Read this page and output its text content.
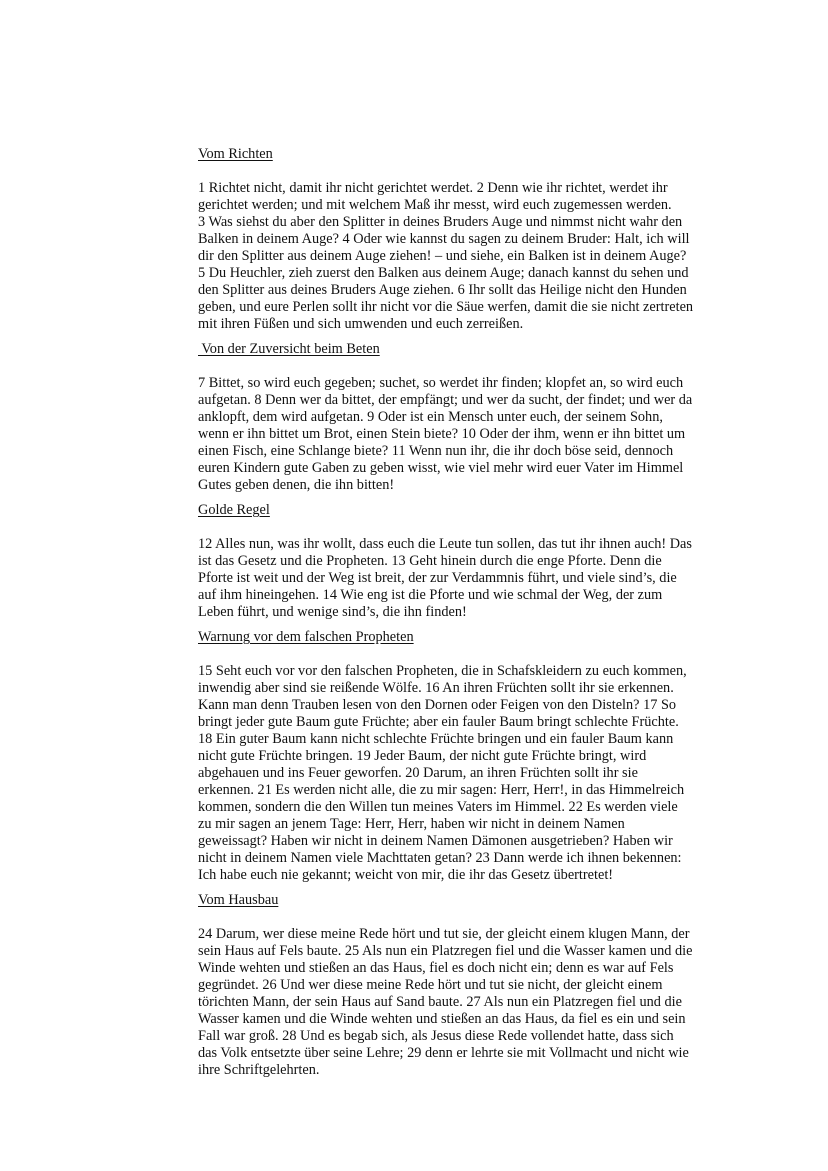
Vom Richten
1 Richtet nicht, damit ihr nicht gerichtet werdet. 2 Denn wie ihr richtet, werdet ihr
gerichtet werden; und mit welchem Maß ihr messt, wird euch zugemessen werden.
3 Was siehst du aber den Splitter in deines Bruders Auge und nimmst nicht wahr den
Balken in deinem Auge? 4 Oder wie kannst du sagen zu deinem Bruder: Halt, ich will
dir den Splitter aus deinem Auge ziehen! – und siehe, ein Balken ist in deinem Auge?
5 Du Heuchler, zieh zuerst den Balken aus deinem Auge; danach kannst du sehen und
den Splitter aus deines Bruders Auge ziehen. 6 Ihr sollt das Heilige nicht den Hunden
geben, und eure Perlen sollt ihr nicht vor die Säue werfen, damit die sie nicht zertreten
mit ihren Füßen und sich umwenden und euch zerreißen.
Von der Zuversicht beim Beten
7 Bittet, so wird euch gegeben; suchet, so werdet ihr finden; klopfet an, so wird euch
aufgetan. 8 Denn wer da bittet, der empfängt; und wer da sucht, der findet; und wer da
anklopft, dem wird aufgetan. 9 Oder ist ein Mensch unter euch, der seinem Sohn,
wenn er ihn bittet um Brot, einen Stein biete? 10 Oder der ihm, wenn er ihn bittet um
einen Fisch, eine Schlange biete? 11 Wenn nun ihr, die ihr doch böse seid, dennoch
euren Kindern gute Gaben zu geben wisst, wie viel mehr wird euer Vater im Himmel
Gutes geben denen, die ihn bitten!
Golde Regel
12 Alles nun, was ihr wollt, dass euch die Leute tun sollen, das tut ihr ihnen auch! Das
ist das Gesetz und die Propheten. 13 Geht hinein durch die enge Pforte. Denn die
Pforte ist weit und der Weg ist breit, der zur Verdammnis führt, und viele sind’s, die
auf ihm hineingehen. 14 Wie eng ist die Pforte und wie schmal der Weg, der zum
Leben führt, und wenige sind’s, die ihn finden!
Warnung vor dem falschen Propheten
15 Seht euch vor vor den falschen Propheten, die in Schafskleidern zu euch kommen,
inwendig aber sind sie reißende Wölfe. 16 An ihren Früchten sollt ihr sie erkennen.
Kann man denn Trauben lesen von den Dornen oder Feigen von den Disteln? 17 So
bringt jeder gute Baum gute Früchte; aber ein fauler Baum bringt schlechte Früchte.
18 Ein guter Baum kann nicht schlechte Früchte bringen und ein fauler Baum kann
nicht gute Früchte bringen. 19 Jeder Baum, der nicht gute Früchte bringt, wird
abgehauen und ins Feuer geworfen. 20 Darum, an ihren Früchten sollt ihr sie
erkennen. 21 Es werden nicht alle, die zu mir sagen: Herr, Herr!, in das Himmelreich
kommen, sondern die den Willen tun meines Vaters im Himmel. 22 Es werden viele
zu mir sagen an jenem Tage: Herr, Herr, haben wir nicht in deinem Namen
geweissagt? Haben wir nicht in deinem Namen Dämonen ausgetrieben? Haben wir
nicht in deinem Namen viele Machttaten getan? 23 Dann werde ich ihnen bekennen:
Ich habe euch nie gekannt; weicht von mir, die ihr das Gesetz übertretet!
Vom Hausbau
24 Darum, wer diese meine Rede hört und tut sie, der gleicht einem klugen Mann, der
sein Haus auf Fels baute. 25 Als nun ein Platzregen fiel und die Wasser kamen und die
Winde wehten und stießen an das Haus, fiel es doch nicht ein; denn es war auf Fels
gegründet. 26 Und wer diese meine Rede hört und tut sie nicht, der gleicht einem
törichten Mann, der sein Haus auf Sand baute. 27 Als nun ein Platzregen fiel und die
Wasser kamen und die Winde wehten und stießen an das Haus, da fiel es ein und sein
Fall war groß. 28 Und es begab sich, als Jesus diese Rede vollendet hatte, dass sich
das Volk entsetzte über seine Lehre; 29 denn er lehrte sie mit Vollmacht und nicht wie
ihre Schriftgelehrten.
